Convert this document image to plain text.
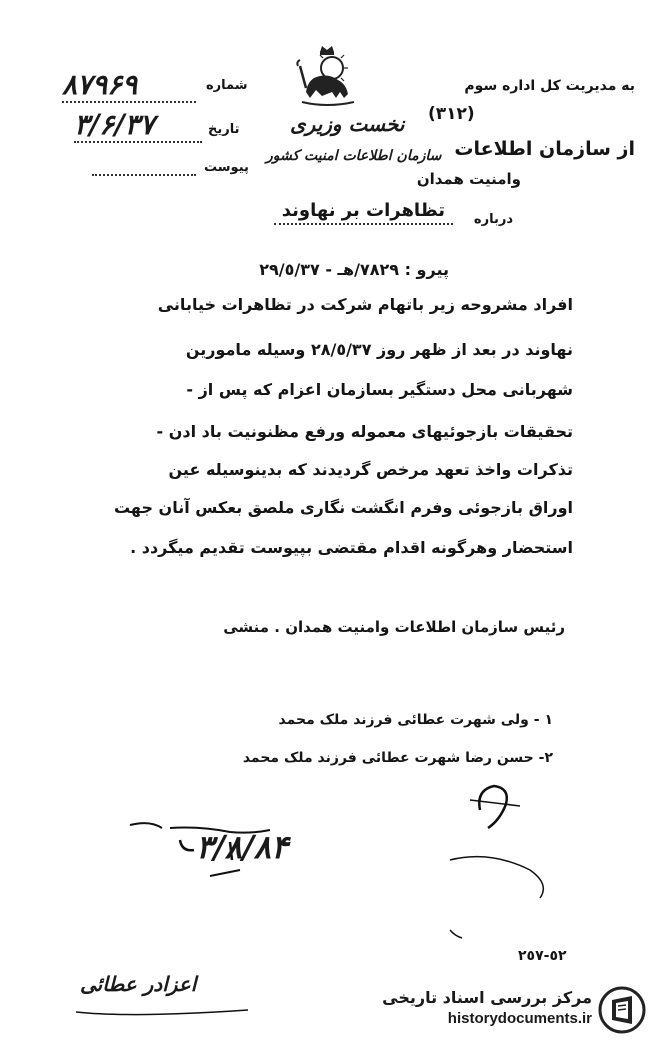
به مدیریت کل اداره سوم
(٣١٢)
نخست وزیری
از سازمان اطلاعات
سازمان اطلاعات امنیت کشور
وامنیت همدان
درباره
تظاهرات بر نهاوند
شماره
۸۷۹۶۹
تاریخ
۳/۶/۳۷
پیوست
پیرو : ٧٨٢٩/هـ - ٢٩/٥/٣٧
افراد مشروحه زیر باتهام شرکت در تظاهرات خیابانی
نهاوند در بعد از ظهر روز ٢٨/٥/٣٧ وسیله مامورین
شهربانی محل دستگیر بسازمان اعزام که پس از -
تحقیقات بازجوئیهای معموله ورفع مظنونیت باد ادن -
تذکرات واخذ تعهد مرخص گردیدند که بدینوسیله عین
اوراق بازجوئی وفرم انگشت نگاری ملصق بعکس آنان جهت
استحضار وهرگونه اقدام مقتضی بپیوست تقدیم میگردد .
رئیس سازمان اطلاعات وامنیت همدان . منشی
١ - ولی شهرت عطائی فرزند ملک محمد
٢- حسن رضا شهرت عطائی فرزند ملک محمد
۳/۸/۸۴
٥٢-٢٥٧
اعزادر عطائی
مرکز بررسی اسناد تاریخی
historydocuments.ir
